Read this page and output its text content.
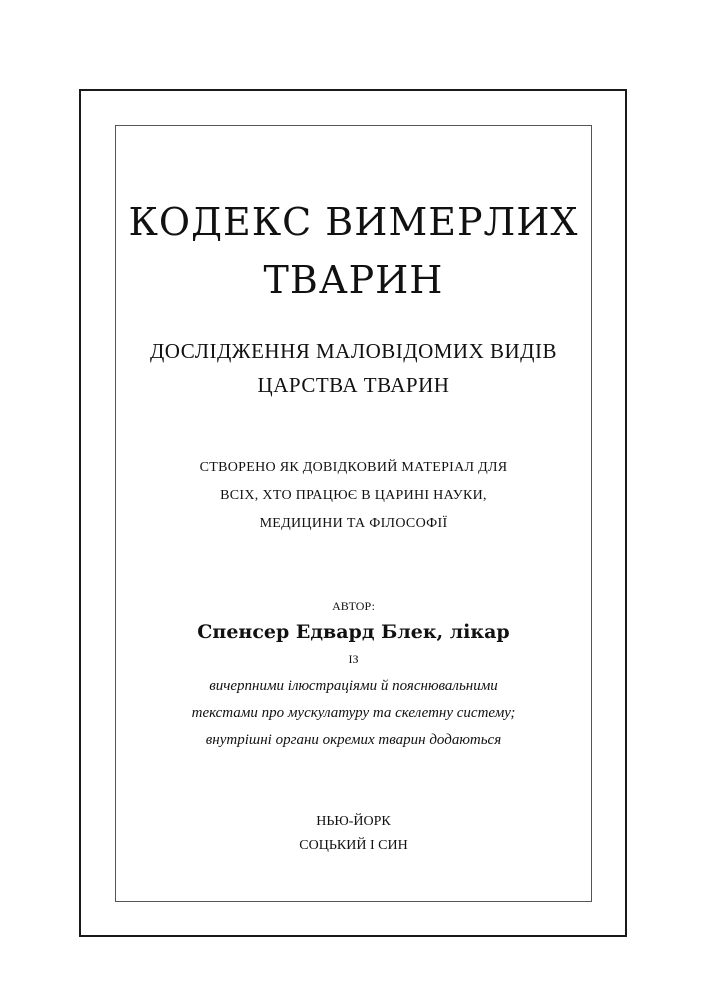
КОДЕКС ВИМЕРЛИХ
ТВАРИН
ДОСЛІДЖЕННЯ МАЛОВІДОМИХ ВИДІВ
ЦАРСТВА ТВАРИН
СТВОРЕНО ЯК ДОВІДКОВИЙ МАТЕРІАЛ ДЛЯ
ВСІХ, ХТО ПРАЦЮЄ В ЦАРИНІ НАУКИ,
МЕДИЦИНИ ТА ФІЛОСОФІЇ
АВТОР:
Спенсер Едвард Блек, лікар
ІЗ
вичерпними ілюстраціями й пояснювальними
текстами про мускулатуру та скелетну систему;
внутрішні органи окремих тварин додаються
НЬЮ-ЙОРК
СОЦЬКИЙ І СИН
